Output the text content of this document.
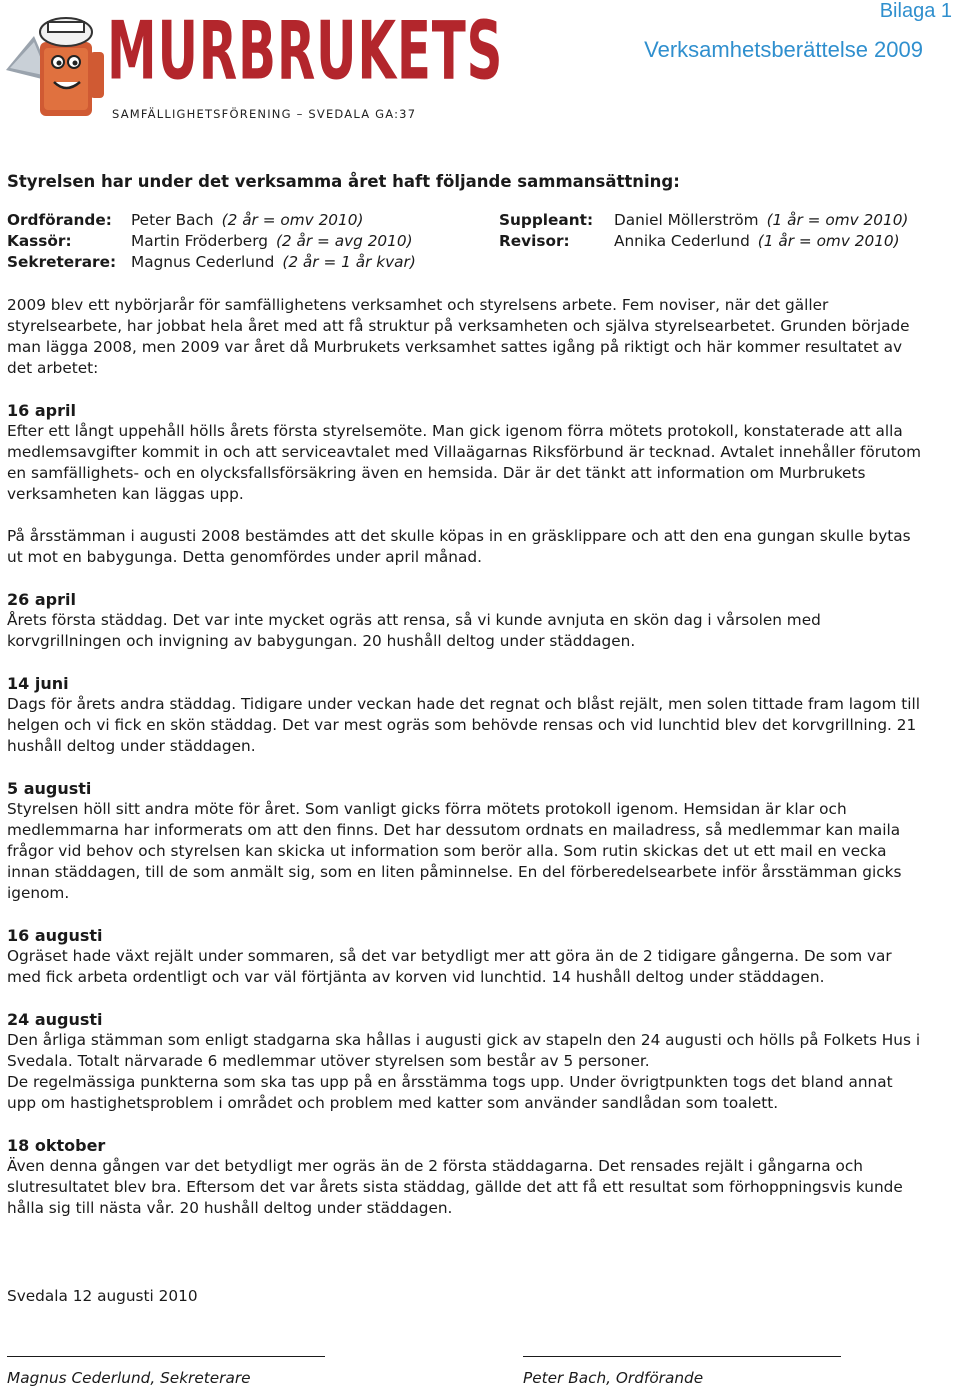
MURBRUKETS
SAMFÄLLIGHETSFÖRENING – SVEDALA GA:37
Bilaga 1
Verksamhetsberättelse 2009
Styrelsen har under det verksamma året haft följande sammansättning:
Ordförande: Peter Bach (2 år = omv 2010)
Kassör:	Martin Fröderberg (2 år = avg 2010)
Sekreterare: Magnus Cederlund (2 år = 1 år kvar)
Suppleant: Daniel Möllerström (1 år = omv 2010)
Revisor:	Annika Cederlund (1 år = omv 2010)

2009 blev ett nybörjarår för samfällighetens verksamhet och styrelsens arbete. Fem noviser, när det gäller styrelsearbete, har jobbat hela året med att få struktur på verksamheten och själva styrelsearbetet. Grunden började man lägga 2008, men 2009 var året då Murbrukets verksamhet sattes igång på riktigt och här kommer resultatet av det arbetet:

16 april

Efter ett långt uppehåll hölls årets första styrelsemöte. Man gick igenom förra mötets protokoll, konstaterade att alla medlemsavgifter kommit in och att serviceavtalet med Villaägarnas Riksförbund är tecknad. Avtalet innehåller förutom en samfällighets- och en olycksfallsförsäkring även en hemsida. Där är det tänkt att information om Murbrukets verksamheten kan läggas upp.

På årsstämman i augusti 2008 bestämdes att det skulle köpas in en gräsklippare och att den ena gungan skulle bytas ut mot en babygunga. Detta genomfördes under april månad.

26 april

Årets första städdag. Det var inte mycket ogräs att rensa, så vi kunde avnjuta en skön dag i vårsolen med korvgrillningen och invigning av babygungan. 20 hushåll deltog under städdagen.

14 juni

Dags för årets andra städdag. Tidigare under veckan hade det regnat och blåst rejält, men solen tittade fram lagom till helgen och vi fick en skön städdag. Det var mest ogräs som behövde rensas och vid lunchtid blev det korvgrillning. 21 hushåll deltog under städdagen.

5 augusti

Styrelsen höll sitt andra möte för året. Som vanligt gicks förra mötets protokoll igenom. Hemsidan är klar och medlemmarna har informerats om att den finns. Det har dessutom ordnats en mailadress, så medlemmar kan maila frågor vid behov och styrelsen kan skicka ut information som berör alla. Som rutin skickas det ut ett mail en vecka innan städdagen, till de som anmält sig, som en liten påminnelse. En del förberedelsearbete inför årsstämman gicks igenom.

16 augusti

Ogräset hade växt rejält under sommaren, så det var betydligt mer att göra än de 2 tidigare gångerna. De som var med fick arbeta ordentligt och var väl förtjänta av korven vid lunchtid. 14 hushåll deltog under städdagen.

24 augusti

Den årliga stämman som enligt stadgarna ska hållas i augusti gick av stapeln den 24 augusti och hölls på Folkets Hus i Svedala. Totalt närvarade 6 medlemmar utöver styrelsen som består av 5 personer.

De regelmässiga punkterna som ska tas upp på en årsstämma togs upp. Under övrigtpunkten togs det bland annat upp om hastighetsproblem i området och problem med katter som använder sandlådan som toalett.

18 oktober

Även denna gången var det betydligt mer ogräs än de 2 första städdagarna. Det rensades rejält i gångarna och slutresultatet blev bra. Eftersom det var årets sista städdag, gällde det att få ett resultat som förhoppningsvis kunde hålla sig till nästa vår. 20 hushåll deltog under städdagen.

Svedala 12 augusti 2010
Magnus Cederlund, Sekreterare	Peter Bach, Ordförande
